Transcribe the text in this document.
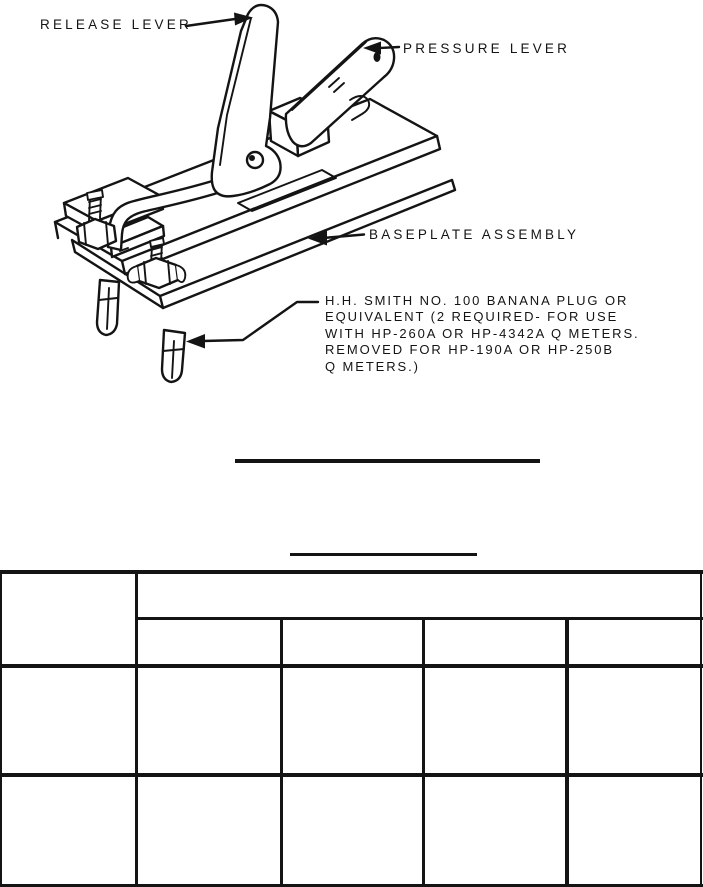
RELEASE LEVER
PRESSURE LEVER
BASEPLATE ASSEMBLY
H.H. SMITH NO. 100 BANANA PLUG OR
EQUIVALENT (2 REQUIRED- FOR USE
WITH HP-260A OR HP-4342A Q METERS.
REMOVED FOR HP-190A OR HP-250B
Q METERS.)
